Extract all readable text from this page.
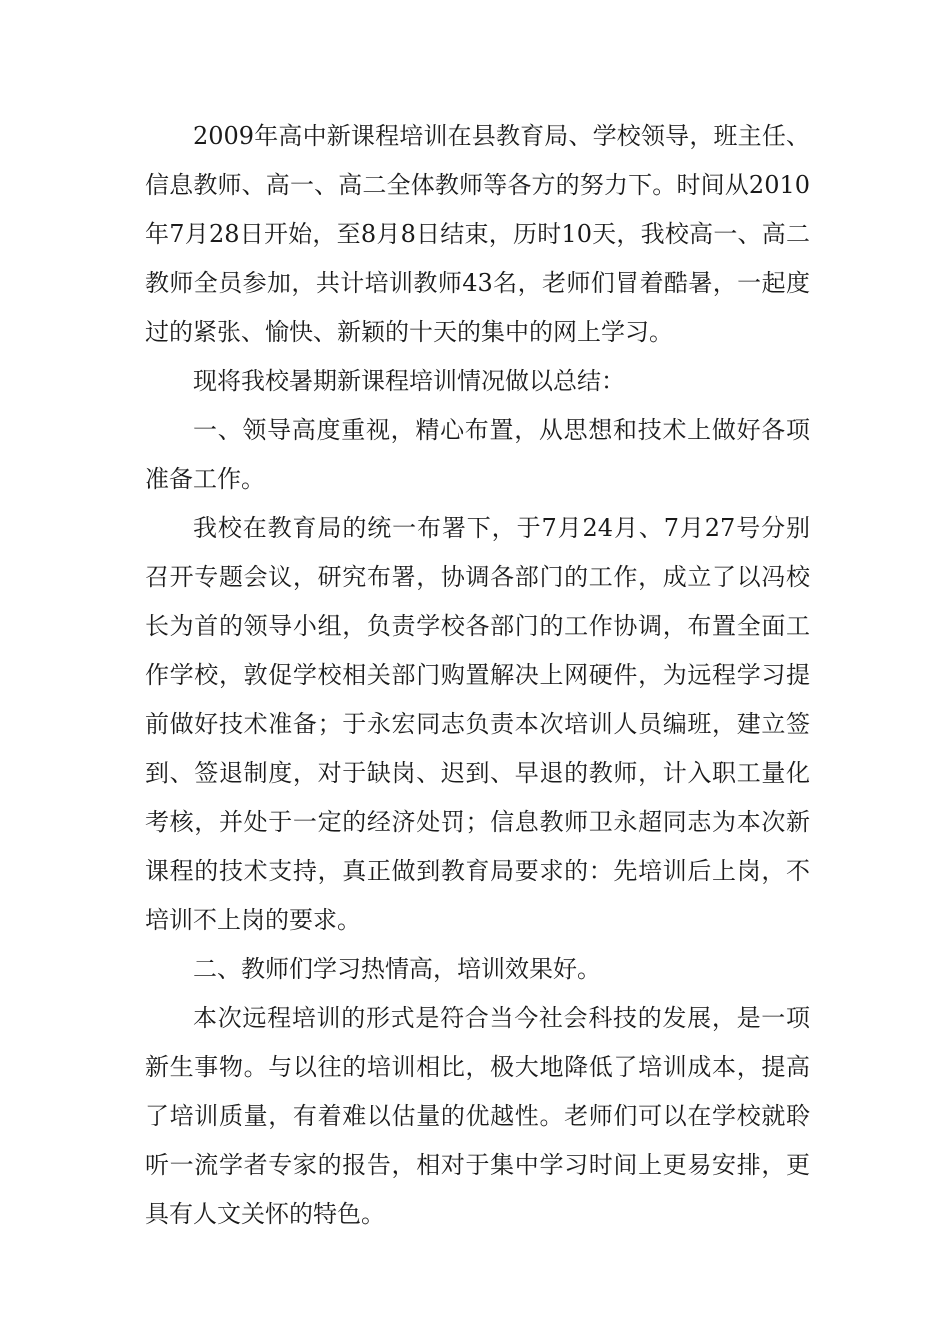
2009年高中新课程培训在县教育局、学校领导，班主任、信息教师、高一、高二全体教师等各方的努力下。时间从2010年7月28日开始，至8月8日结束，历时10天，我校高一、高二教师全员参加，共计培训教师43名，老师们冒着酷暑，一起度过的紧张、愉快、新颖的十天的集中的网上学习。

现将我校暑期新课程培训情况做以总结：

一、领导高度重视，精心布置，从思想和技术上做好各项准备工作。

我校在教育局的统一布署下，于7月24月、7月27号分别召开专题会议，研究布署，协调各部门的工作，成立了以冯校长为首的领导小组，负责学校各部门的工作协调，布置全面工作学校，敦促学校相关部门购置解决上网硬件，为远程学习提前做好技术准备；于永宏同志负责本次培训人员编班，建立签到、签退制度，对于缺岗、迟到、早退的教师，计入职工量化考核，并处于一定的经济处罚；信息教师卫永超同志为本次新课程的技术支持，真正做到教育局要求的：先培训后上岗，不培训不上岗的要求。

二、教师们学习热情高，培训效果好。

本次远程培训的形式是符合当今社会科技的发展，是一项新生事物。与以往的培训相比，极大地降低了培训成本，提高了培训质量，有着难以估量的优越性。老师们可以在学校就聆听一流学者专家的报告，相对于集中学习时间上更易安排，更具有人文关怀的特色。
